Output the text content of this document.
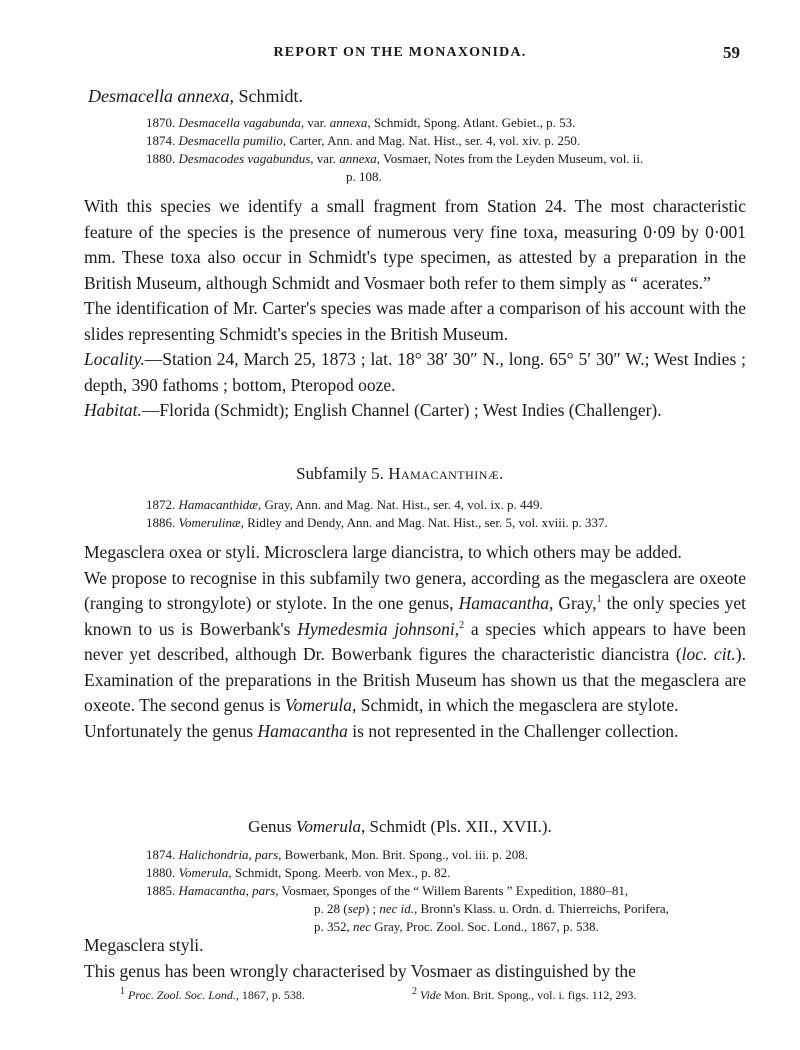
REPORT ON THE MONAXONIDA.	59
Desmacella annexa, Schmidt.
1870. Desmacella vagabunda, var. annexa, Schmidt, Spong. Atlant. Gebiet., p. 53.
1874. Desmacella pumilio, Carter, Ann. and Mag. Nat. Hist., ser. 4, vol. xiv. p. 250.
1880. Desmacodes vagabundus, var. annexa, Vosmaer, Notes from the Leyden Museum, vol. ii.
p. 108.
With this species we identify a small fragment from Station 24. The most characteristic feature of the species is the presence of numerous very fine toxa, measuring 0·09 by 0·001 mm. These toxa also occur in Schmidt's type specimen, as attested by a preparation in the British Museum, although Schmidt and Vosmaer both refer to them simply as “ acerates.”
The identification of Mr. Carter's species was made after a comparison of his account with the slides representing Schmidt's species in the British Museum.
Locality.—Station 24, March 25, 1873 ; lat. 18° 38′ 30″ N., long. 65° 5′ 30″ W.; West Indies ; depth, 390 fathoms ; bottom, Pteropod ooze.
Habitat.—Florida (Schmidt); English Channel (Carter) ; West Indies (Challenger).
Subfamily 5. Hamacanthinæ.
1872. Hamacanthidæ, Gray, Ann. and Mag. Nat. Hist., ser. 4, vol. ix. p. 449.
1886. Vomerulinæ, Ridley and Dendy, Ann. and Mag. Nat. Hist., ser. 5, vol. xviii. p. 337.
Megasclera oxea or styli. Microsclera large diancistra, to which others may be added.
We propose to recognise in this subfamily two genera, according as the megasclera are oxeote (ranging to strongylote) or stylote. In the one genus, Hamacantha, Gray,$^1$ the only species yet known to us is Bowerbank's Hymedesmia johnsoni,$^2$ a species which appears to have been never yet described, although Dr. Bowerbank figures the characteristic diancistra (loc. cit.). Examination of the preparations in the British Museum has shown us that the megasclera are oxeote. The second genus is Vomerula, Schmidt, in which the megasclera are stylote.
Unfortunately the genus Hamacantha is not represented in the Challenger collection.
Genus Vomerula, Schmidt (Pls. XII., XVII.).
1874. Halichondria, pars, Bowerbank, Mon. Brit. Spong., vol. iii. p. 208.
1880. Vomerula, Schmidt, Spong. Meerb. von Mex., p. 82.
1885. Hamacantha, pars, Vosmaer, Sponges of the “ Willem Barents ” Expedition, 1880–81,
p. 28 (sep) ; nec id., Bronn's Klass. u. Ordn. d. Thierreichs, Porifera,
p. 352, nec Gray, Proc. Zool. Soc. Lond., 1867, p. 538.
Megasclera styli.
This genus has been wrongly characterised by Vosmaer as distinguished by the
$^1$ Proc. Zool. Soc. Lond., 1867, p. 538.	$^2$ Vide Mon. Brit. Spong., vol. i. figs. 112, 293.
